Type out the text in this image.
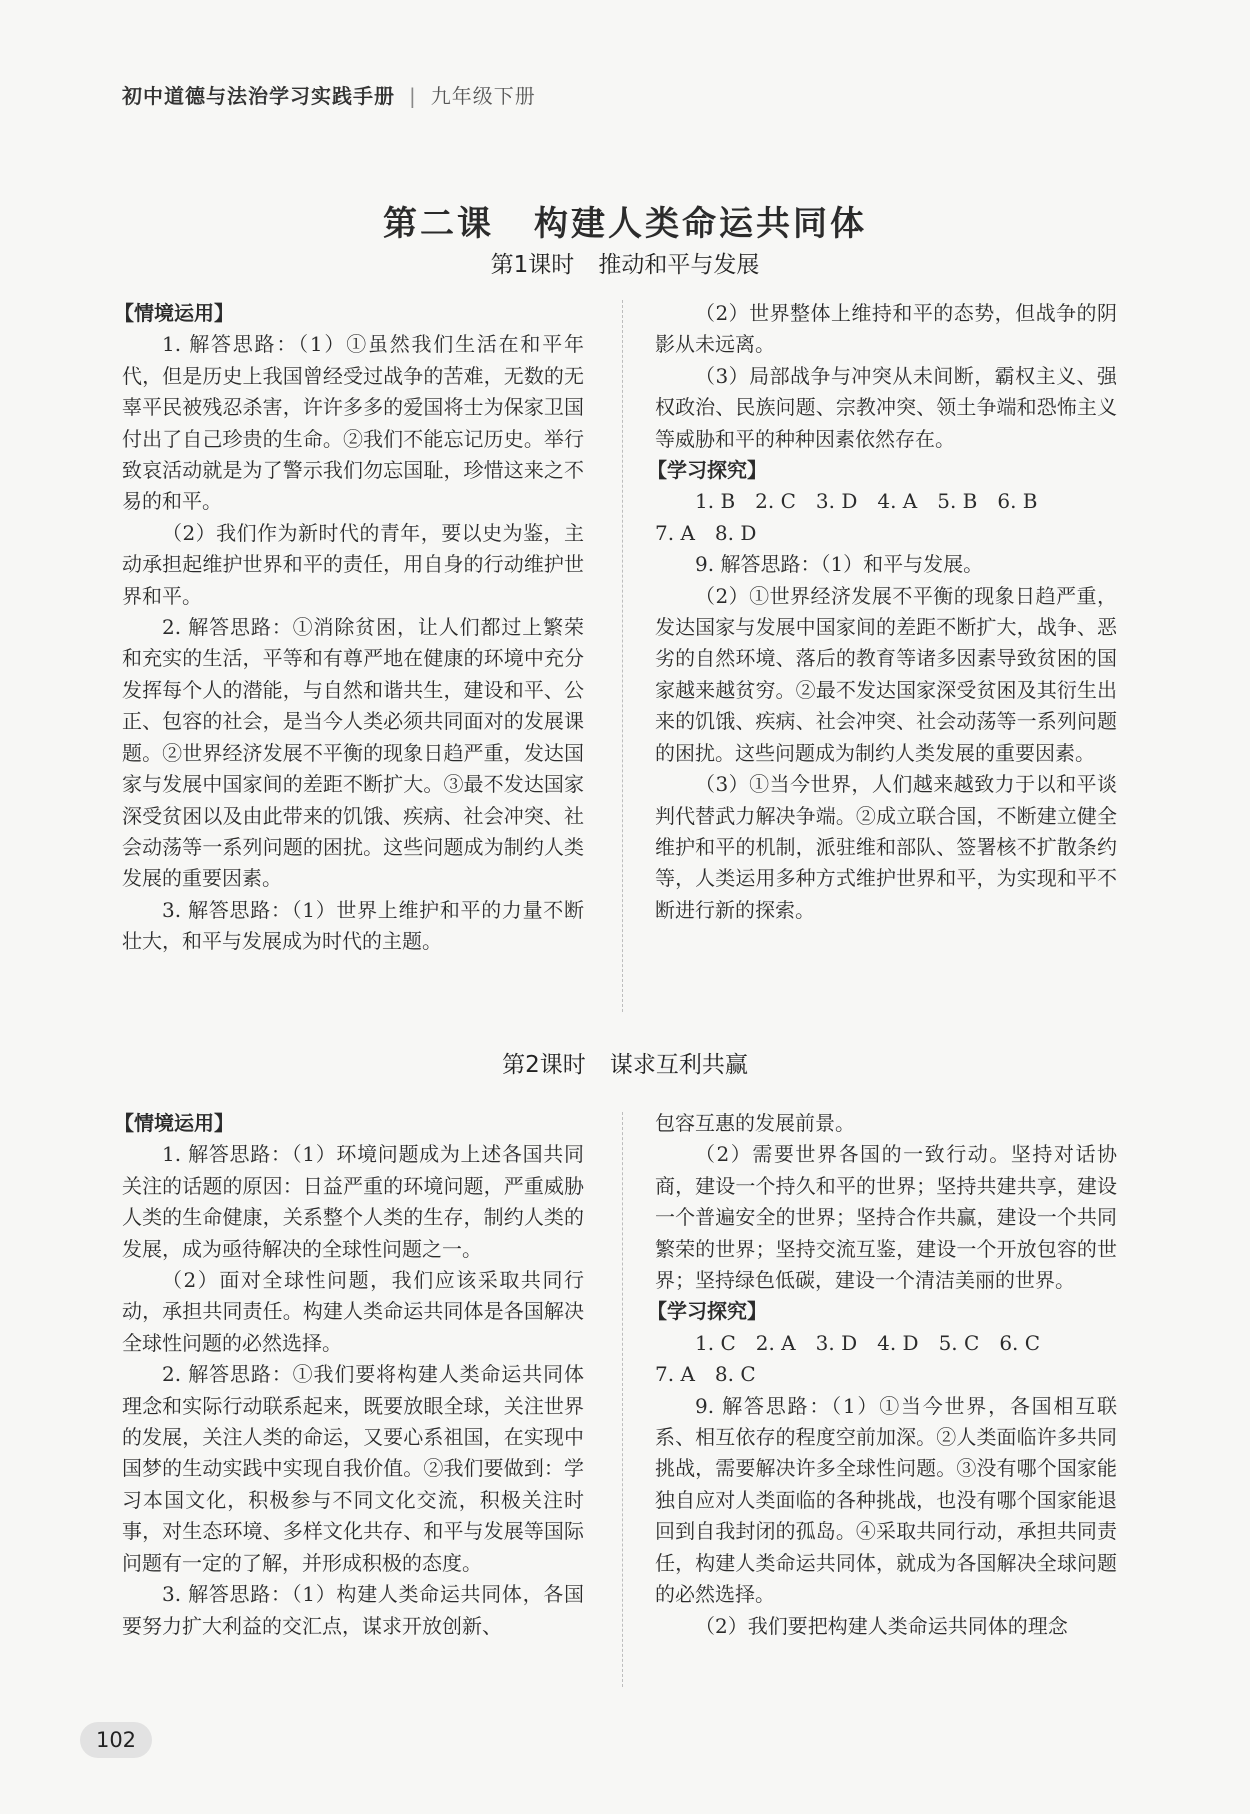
初中道德与法治学习实践手册 | 九年级下册
第二课 构建人类命运共同体
第1课时 推动和平与发展

【情境运用】

1. 解答思路：（1）①虽然我们生活在和平年代，但是历史上我国曾经受过战争的苦难，无数的无辜平民被残忍杀害，许许多多的爱国将士为保家卫国付出了自己珍贵的生命。②我们不能忘记历史。举行致哀活动就是为了警示我们勿忘国耻，珍惜这来之不易的和平。

（2）我们作为新时代的青年，要以史为鉴，主动承担起维护世界和平的责任，用自身的行动维护世界和平。

2. 解答思路：①消除贫困，让人们都过上繁荣和充实的生活，平等和有尊严地在健康的环境中充分发挥每个人的潜能，与自然和谐共生，建设和平、公正、包容的社会，是当今人类必须共同面对的发展课题。②世界经济发展不平衡的现象日趋严重，发达国家与发展中国家间的差距不断扩大。③最不发达国家深受贫困以及由此带来的饥饿、疾病、社会冲突、社会动荡等一系列问题的困扰。这些问题成为制约人类发展的重要因素。

3. 解答思路：（1）世界上维护和平的力量不断壮大，和平与发展成为时代的主题。

（2）世界整体上维持和平的态势，但战争的阴影从未远离。

（3）局部战争与冲突从未间断，霸权主义、强权政治、民族问题、宗教冲突、领土争端和恐怖主义等威胁和平的种种因素依然存在。

【学习探究】

1. B　2. C　3. D　4. A　5. B　6. B

7. A　8. D

9. 解答思路：（1）和平与发展。

（2）①世界经济发展不平衡的现象日趋严重，发达国家与发展中国家间的差距不断扩大，战争、恶劣的自然环境、落后的教育等诸多因素导致贫困的国家越来越贫穷。②最不发达国家深受贫困及其衍生出来的饥饿、疾病、社会冲突、社会动荡等一系列问题的困扰。这些问题成为制约人类发展的重要因素。

（3）①当今世界，人们越来越致力于以和平谈判代替武力解决争端。②成立联合国，不断建立健全维护和平的机制，派驻维和部队、签署核不扩散条约等，人类运用多种方式维护世界和平，为实现和平不断进行新的探索。

第2课时 谋求互利共赢

【情境运用】

1. 解答思路：（1）环境问题成为上述各国共同关注的话题的原因：日益严重的环境问题，严重威胁人类的生命健康，关系整个人类的生存，制约人类的发展，成为亟待解决的全球性问题之一。

（2）面对全球性问题，我们应该采取共同行动，承担共同责任。构建人类命运共同体是各国解决全球性问题的必然选择。

2. 解答思路：①我们要将构建人类命运共同体理念和实际行动联系起来，既要放眼全球，关注世界的发展，关注人类的命运，又要心系祖国，在实现中国梦的生动实践中实现自我价值。②我们要做到：学习本国文化，积极参与不同文化交流，积极关注时事，对生态环境、多样文化共存、和平与发展等国际问题有一定的了解，并形成积极的态度。

3. 解答思路：（1）构建人类命运共同体，各国要努力扩大利益的交汇点，谋求开放创新、

包容互惠的发展前景。

（2）需要世界各国的一致行动。坚持对话协商，建设一个持久和平的世界；坚持共建共享，建设一个普遍安全的世界；坚持合作共赢，建设一个共同繁荣的世界；坚持交流互鉴，建设一个开放包容的世界；坚持绿色低碳，建设一个清洁美丽的世界。

【学习探究】

1. C　2. A　3. D　4. D　5. C　6. C

7. A　8. C

9. 解答思路：（1）①当今世界，各国相互联系、相互依存的程度空前加深。②人类面临许多共同挑战，需要解决许多全球性问题。③没有哪个国家能独自应对人类面临的各种挑战，也没有哪个国家能退回到自我封闭的孤岛。④采取共同行动，承担共同责任，构建人类命运共同体，就成为各国解决全球问题的必然选择。

（2）我们要把构建人类命运共同体的理念

102
